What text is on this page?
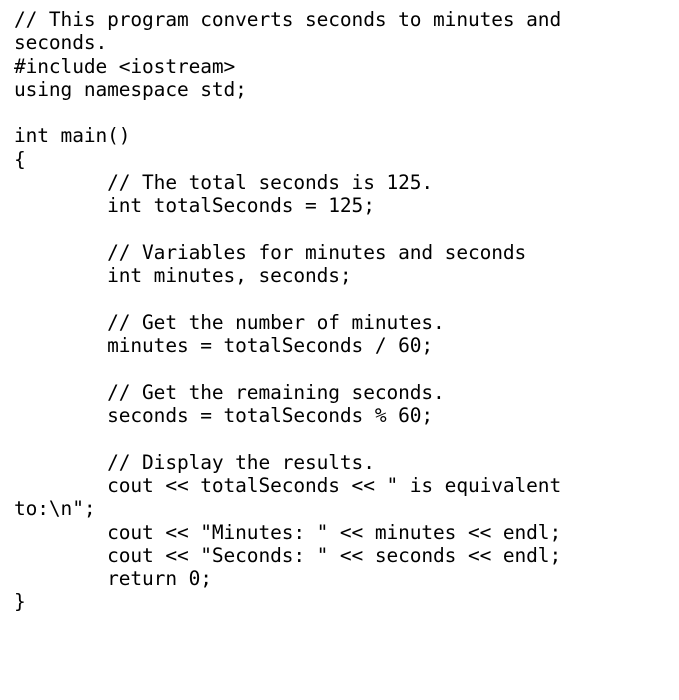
// This program converts seconds to minutes and
seconds.
#include <iostream>
using namespace std;
int main()
{
// The total seconds is 125.
int totalSeconds = 125;
// Variables for minutes and seconds
int minutes, seconds;
// Get the number of minutes.
minutes = totalSeconds / 60;
// Get the remaining seconds.
seconds = totalSeconds % 60;
// Display the results.
cout << totalSeconds << " is equivalent
to:\n";
cout << "Minutes: " << minutes << endl;
cout << "Seconds: " << seconds << endl;
return 0;
}
